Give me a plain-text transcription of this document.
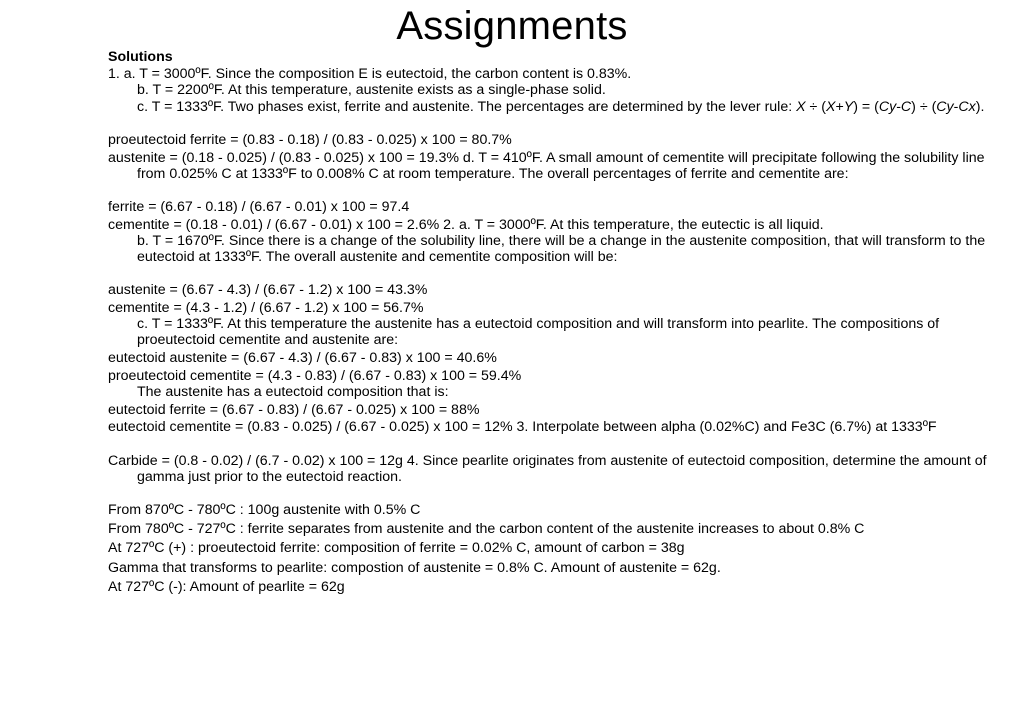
Assignments

Solutions

1. a. T = 3000ºF. Since the composition E is eutectoid, the carbon content is 0.83%.

b. T = 2200ºF. At this temperature, austenite exists as a single-phase solid.

c. T = 1333ºF. Two phases exist, ferrite and austenite. The percentages are determined by the lever rule: X ÷ (X+Y) = (Cy-C) ÷ (Cy-Cx).

proeutectoid ferrite = (0.83 - 0.18) / (0.83 - 0.025) x 100 = 80.7%

austenite = (0.18 - 0.025) / (0.83 - 0.025) x 100 = 19.3% d. T = 410ºF. A small amount of cementite will precipitate following the solubility line from 0.025% C at 1333ºF to 0.008% C at room temperature. The overall percentages of ferrite and cementite are:

ferrite = (6.67 - 0.18) / (6.67 - 0.01) x 100 = 97.4

cementite = (0.18 - 0.01) / (6.67 - 0.01) x 100 = 2.6% 2. a. T = 3000ºF. At this temperature, the eutectic is all liquid.

b. T = 1670ºF. Since there is a change of the solubility line, there will be a change in the austenite composition, that will transform to the eutectoid at 1333ºF. The overall austenite and cementite composition will be:

austenite = (6.67 - 4.3) / (6.67 - 1.2) x 100 = 43.3%

cementite = (4.3 - 1.2) / (6.67 - 1.2) x 100 = 56.7%

c. T = 1333ºF. At this temperature the austenite has a eutectoid composition and will transform into pearlite. The compositions of proeutectoid cementite and austenite are:

eutectoid austenite = (6.67 - 4.3) / (6.67 - 0.83) x 100 = 40.6%

proeutectoid cementite = (4.3 - 0.83) / (6.67 - 0.83) x 100 = 59.4%

The austenite has a eutectoid composition that is:

eutectoid ferrite = (6.67 - 0.83) / (6.67 - 0.025) x 100 = 88%

eutectoid cementite = (0.83 - 0.025) / (6.67 - 0.025) x 100 = 12% 3. Interpolate between alpha (0.02%C) and Fe3C (6.7%) at 1333ºF

Carbide = (0.8 - 0.02) / (6.7 - 0.02) x 100 = 12g 4. Since pearlite originates from austenite of eutectoid composition, determine the amount of gamma just prior to the eutectoid reaction.

From 870ºC - 780ºC : 100g austenite with 0.5% C

From 780ºC - 727ºC : ferrite separates from austenite and the carbon content of the austenite increases to about 0.8% C

At 727ºC (+) : proeutectoid ferrite: composition of ferrite = 0.02% C, amount of carbon = 38g

Gamma that transforms to pearlite: compostion of austenite = 0.8% C. Amount of austenite = 62g.

At 727ºC (-): Amount of pearlite = 62g
